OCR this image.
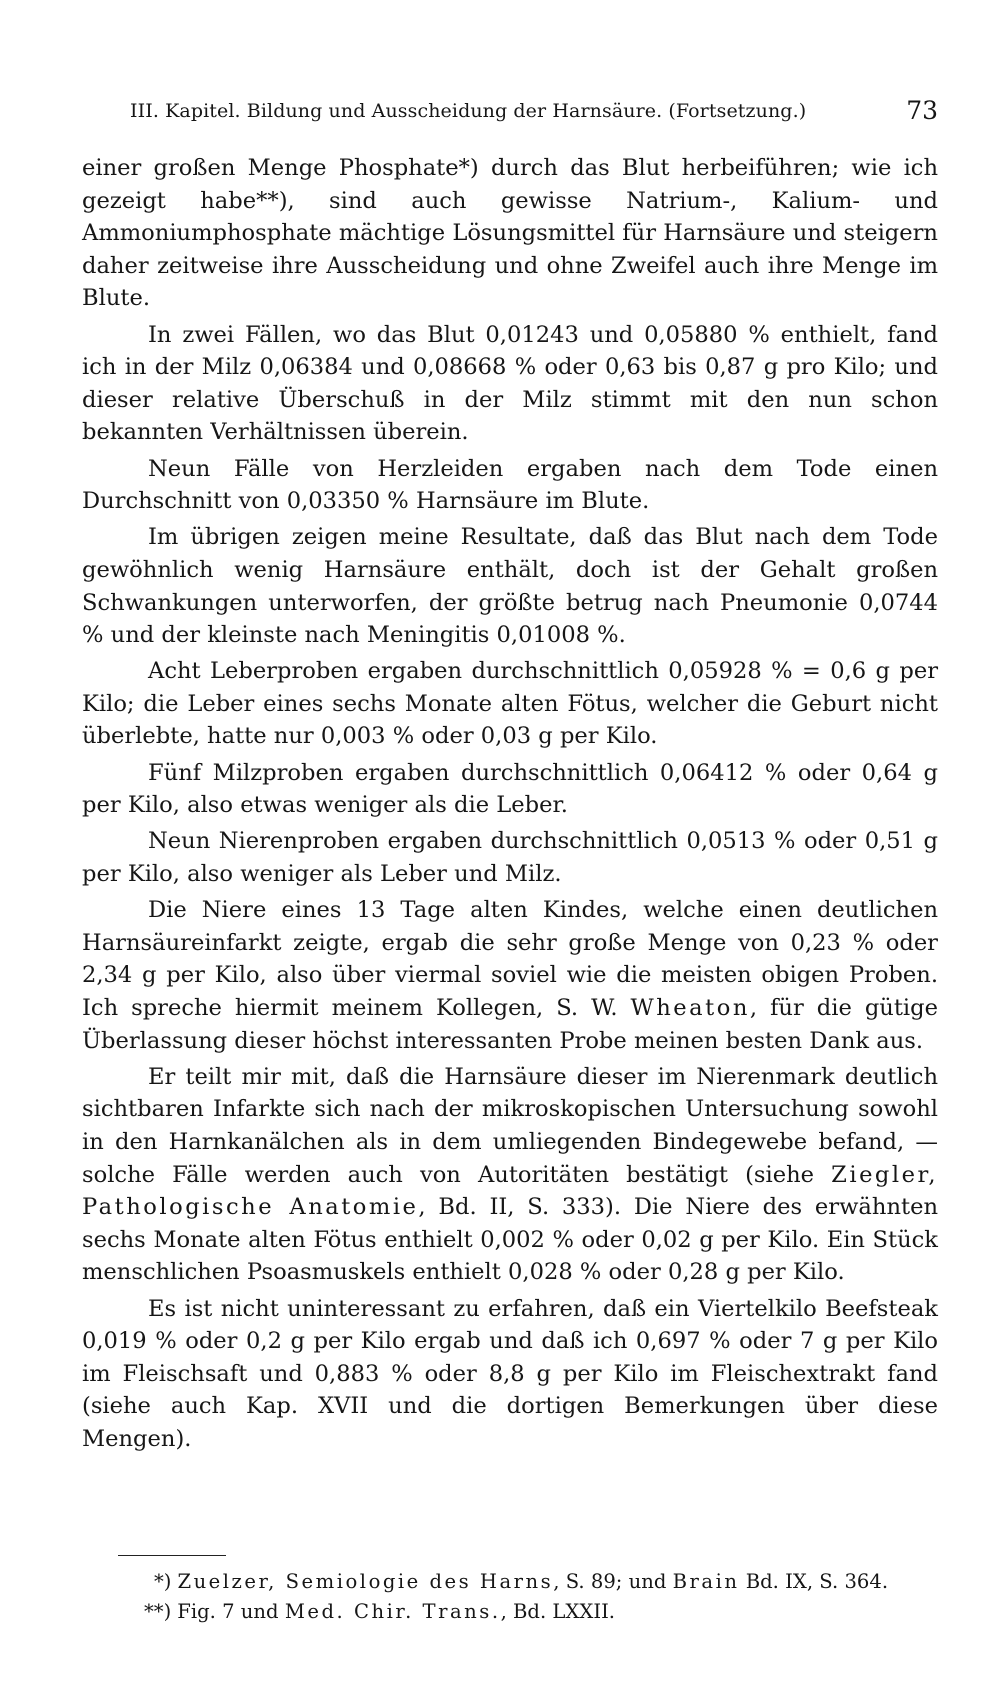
III. Kapitel. Bildung und Ausscheidung der Harnsäure. (Fortsetzung.)	73

einer großen Menge Phosphate*) durch das Blut herbeiführen; wie ich gezeigt habe**), sind auch gewisse Natrium-, Kalium- und Ammoniumphosphate mächtige Lösungsmittel für Harnsäure und steigern daher zeitweise ihre Ausscheidung und ohne Zweifel auch ihre Menge im Blute.

In zwei Fällen, wo das Blut 0,01243 und 0,05880 % enthielt, fand ich in der Milz 0,06384 und 0,08668 % oder 0,63 bis 0,87 g pro Kilo; und dieser relative Überschuß in der Milz stimmt mit den nun schon bekannten Verhältnissen überein.

Neun Fälle von Herzleiden ergaben nach dem Tode einen Durchschnitt von 0,03350 % Harnsäure im Blute.

Im übrigen zeigen meine Resultate, daß das Blut nach dem Tode gewöhnlich wenig Harnsäure enthält, doch ist der Gehalt großen Schwankungen unterworfen, der größte betrug nach Pneumonie 0,0744 % und der kleinste nach Meningitis 0,01008 %.

Acht Leberproben ergaben durchschnittlich 0,05928 % = 0,6 g per Kilo; die Leber eines sechs Monate alten Fötus, welcher die Geburt nicht überlebte, hatte nur 0,003 % oder 0,03 g per Kilo.

Fünf Milzproben ergaben durchschnittlich 0,06412 % oder 0,64 g per Kilo, also etwas weniger als die Leber.

Neun Nierenproben ergaben durchschnittlich 0,0513 % oder 0,51 g per Kilo, also weniger als Leber und Milz.

Die Niere eines 13 Tage alten Kindes, welche einen deutlichen Harnsäureinfarkt zeigte, ergab die sehr große Menge von 0,23 % oder 2,34 g per Kilo, also über viermal soviel wie die meisten obigen Proben. Ich spreche hiermit meinem Kollegen, S. W. Wheaton, für die gütige Überlassung dieser höchst interessanten Probe meinen besten Dank aus.

Er teilt mir mit, daß die Harnsäure dieser im Nierenmark deutlich sichtbaren Infarkte sich nach der mikroskopischen Untersuchung sowohl in den Harnkanälchen als in dem umliegenden Bindegewebe befand, — solche Fälle werden auch von Autoritäten bestätigt (siehe Ziegler, Pathologische Anatomie, Bd. II, S. 333). Die Niere des erwähnten sechs Monate alten Fötus enthielt 0,002 % oder 0,02 g per Kilo. Ein Stück menschlichen Psoasmuskels enthielt 0,028 % oder 0,28 g per Kilo.

Es ist nicht uninteressant zu erfahren, daß ein Viertelkilo Beefsteak 0,019 % oder 0,2 g per Kilo ergab und daß ich 0,697 % oder 7 g per Kilo im Fleischsaft und 0,883 % oder 8,8 g per Kilo im Fleischextrakt fand (siehe auch Kap. XVII und die dortigen Bemerkungen über diese Mengen).

*) Zuelzer, Semiologie des Harns, S. 89; und Brain Bd. IX, S. 364.
**) Fig. 7 und Med. Chir. Trans., Bd. LXXII.
